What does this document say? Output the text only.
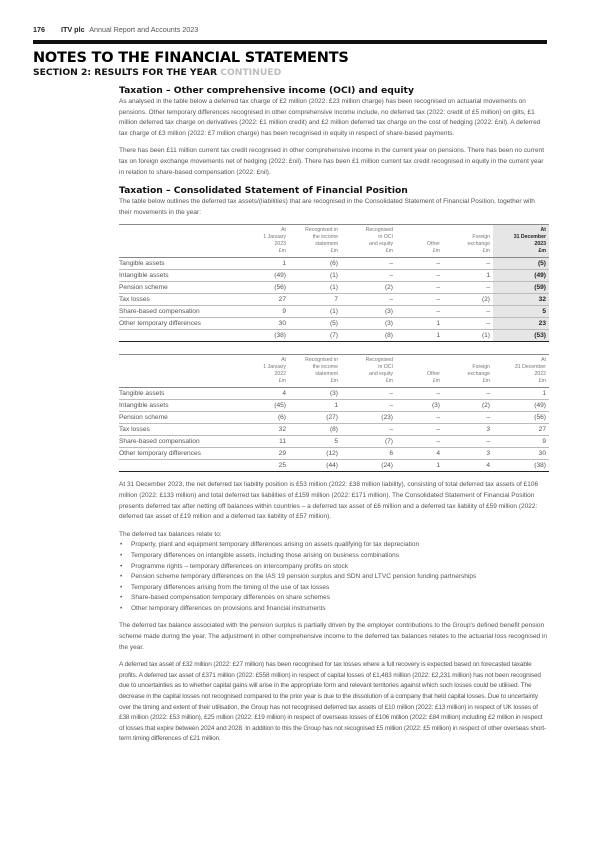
176 ITV plc Annual Report and Accounts 2023
NOTES TO THE FINANCIAL STATEMENTS
SECTION 2: RESULTS FOR THE YEAR CONTINUED
Taxation – Other comprehensive income (OCI) and equity

As analysed in the table below a deferred tax charge of £2 million (2022: £23 million charge) has been recognised on actuarial movements on pensions. Other temporary differences recognised in other comprehensive income include, no deferred tax (2022: credit of £5 million) on gilts, £1 million deferred tax charge on derivatives (2022: £1 million credit) and £2 million deferred tax charge on the cost of hedging (2022: £nil). A deferred tax charge of £3 million (2022: £7 million charge) has been recognised in equity in respect of share-based payments.

There has been £11 million current tax credit recognised in other comprehensive income in the current year on pensions. There has been no current tax on foreign exchange movements net of hedging (2022: £nil). There has been £1 million current tax credit recognised in equity in the current year in relation to share-based compensation (2022: £nil).

Taxation – Consolidated Statement of Financial Position

The table below outlines the deferred tax assets/(liabilities) that are recognised in the Consolidated Statement of Financial Position, together with their movements in the year:

	At
1 January
2023
£m	Recognised in
the income
statement
£m	Recognised
in OCI
and equity
£m	Other
£m	Foreign
exchange
£m	At
31 December
2023
£m
Tangible assets	1	(6)	–	–	–	(5)
Intangible assets	(49)	(1)	–	–	1	(49)
Pension scheme	(56)	(1)	(2)	–	–	(59)
Tax losses	27	7	–	–	(2)	32
Share-based compensation	9	(1)	(3)	–	–	5
Other temporary differences	30	(5)	(3)	1	–	23
	(38)	(7)	(8)	1	(1)	(53)
	At
1 January
2022
£m	Recognised in
the income
statement
£m	Recognised
in OCI
and equity
£m	Other
£m	Foreign
exchange
£m	At
31 December
2022
£m
Tangible assets	4	(3)	–	–	–	1
Intangible assets	(45)	1	–	(3)	(2)	(49)
Pension scheme	(6)	(27)	(23)	–	–	(56)
Tax losses	32	(8)	–	–	3	27
Share-based compensation	11	5	(7)	–	–	9
Other temporary differences	29	(12)	6	4	3	30
	25	(44)	(24)	1	4	(38)

At 31 December 2023, the net deferred tax liability position is £53 million (2022: £38 million liability), consisting of total deferred tax assets of £106 million (2022: £133 million) and total deferred tax liabilities of £159 million (2022: £171 million). The Consolidated Statement of Financial Position presents deferred tax after netting off balances within countries – a deferred tax asset of £6 million and a deferred tax liability of £59 million (2022: deferred tax asset of £19 million and a deferred tax liability of £57 million).

The deferred tax balances relate to:

• Property, plant and equipment temporary differences arising on assets qualifying for tax depreciation
• Temporary differences on intangible assets, including those arising on business combinations
• Programme rights – temporary differences on intercompany profits on stock
• Pension scheme temporary differences on the IAS 19 pension surplus and SDN and LTVC pension funding partnerships
• Temporary differences arising from the timing of the use of tax losses
• Share-based compensation temporary differences on share schemes
• Other temporary differences on provisions and financial instruments

The deferred tax balance associated with the pension surplus is partially driven by the employer contributions to the Group's defined benefit pension scheme made during the year. The adjustment in other comprehensive income to the deferred tax balances relates to the actuarial loss recognised in the year.

A deferred tax asset of £32 million (2022: £27 million) has been recognised for tax losses where a full recovery is expected based on forecasted taxable profits. A deferred tax asset of £371 million (2022: £558 million) in respect of capital losses of £1,483 million (2022: £2,231 million) has not been recognised due to uncertainties as to whether capital gains will arise in the appropriate form and relevant territories against which such losses could be utilised. The decrease in the capital losses not recognised compared to the prior year is due to the dissolution of a company that held capital losses. Due to uncertainty over the timing and extent of their utilisation, the Group has not recognised deferred tax assets of £10 million (2022: £13 million) in respect of UK losses of £38 million (2022: £53 million), £25 million (2022: £19 million) in respect of overseas losses of £106 million (2022: £84 million) including £2 million in respect of losses that expire between 2024 and 2028. In addition to this the Group has not recognised £5 million (2022: £5 million) in respect of other overseas short-term timing differences of £21 million.
